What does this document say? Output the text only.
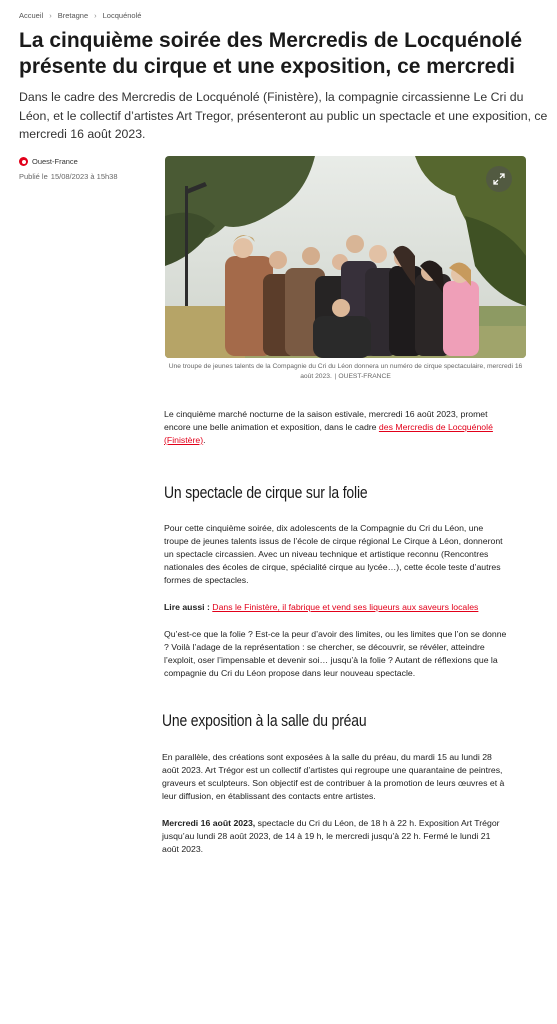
Accueil › Bretagne › Locquénolé
La cinquième soirée des Mercredis de Locquénolé présente du cirque et une exposition, ce mercredi

Dans le cadre des Mercredis de Locquénolé (Finistère), la compagnie circassienne Le Cri du Léon, et le collectif d’artistes Art Tregor, présenteront au public un spectacle et une exposition, ce mercredi 16 août 2023.

Ouest-France
Publié le 15/08/2023 à 15h38
Une troupe de jeunes talents de la Compagnie du Cri du Léon donnera un numéro de cirque spectaculaire, mercredi 16 août 2023. | OUEST-FRANCE

Le cinquième marché nocturne de la saison estivale, mercredi 16 août 2023, promet encore une belle animation et exposition, dans le cadre des Mercredis de Locquénolé (Finistère).

Un spectacle de cirque sur la folie

Pour cette cinquième soirée, dix adolescents de la Compagnie du Cri du Léon, une troupe de jeunes talents issus de l’école de cirque régional Le Cirque à Léon, donneront un spectacle circassien. Avec un niveau technique et artistique reconnu (Rencontres nationales des écoles de cirque, spécialité cirque au lycée…), cette école teste d’autres formes de spectacles.

Lire aussi : Dans le Finistère, il fabrique et vend ses liqueurs aux saveurs locales

Qu’est-ce que la folie ? Est-ce la peur d’avoir des limites, ou les limites que l’on se donne ? Voilà l’adage de la représentation : se chercher, se découvrir, se révéler, atteindre l’exploit, oser l’impensable et devenir soi… jusqu’à la folie ? Autant de réflexions que la compagnie du Cri du Léon propose dans leur nouveau spectacle.

Une exposition à la salle du préau

En parallèle, des créations sont exposées à la salle du préau, du mardi 15 au lundi 28 août 2023. Art Trégor est un collectif d’artistes qui regroupe une quarantaine de peintres, graveurs et sculpteurs. Son objectif est de contribuer à la promotion de leurs œuvres et à leur diffusion, en établissant des contacts entre artistes.

Mercredi 16 août 2023, spectacle du Cri du Léon, de 18 h à 22 h. Exposition Art Trégor jusqu’au lundi 28 août 2023, de 14 à 19 h, le mercredi jusqu’à 22 h. Fermé le lundi 21 août 2023.
